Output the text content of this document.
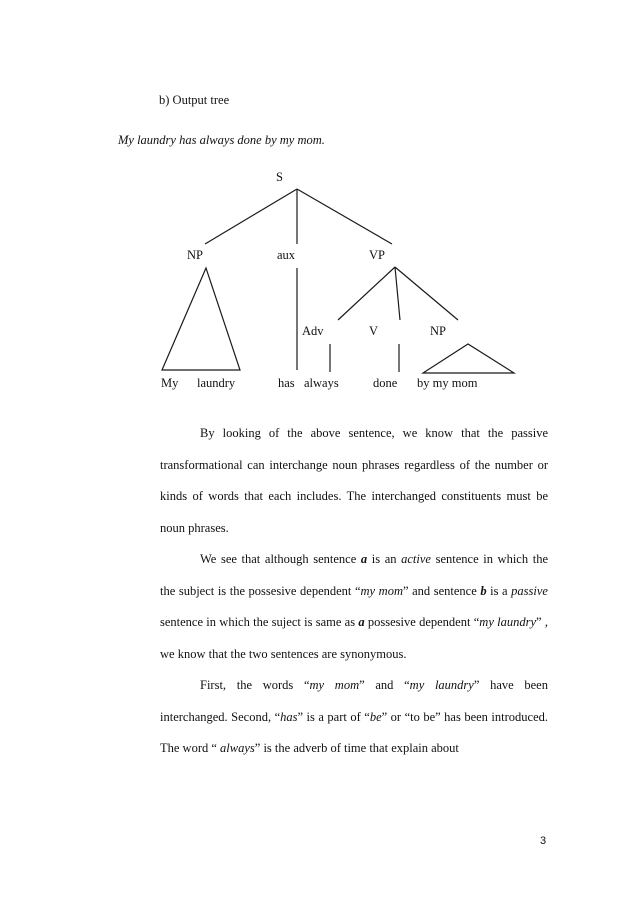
b) Output tree
My laundry has always done by my mom.
S
NP	aux	VP
Adv	V	NP
My laundry	has always	done by my mom
By looking of the above sentence, we know that the passive transformational can interchange noun phrases regardless of the number or kinds of words that each includes. The interchanged constituents must be noun phrases.
We see that although sentence a is an active sentence in which the the subject is the possesive dependent “my mom” and sentence b is a passive sentence in which the suject is same as a possesive dependent “my laundry” , we know that the two sentences are synonymous.
First, the words “my mom” and “my laundry” have been interchanged. Second, “has” is a part of “be” or “to be” has been introduced. The word “ always” is the adverb of time that explain about
3
